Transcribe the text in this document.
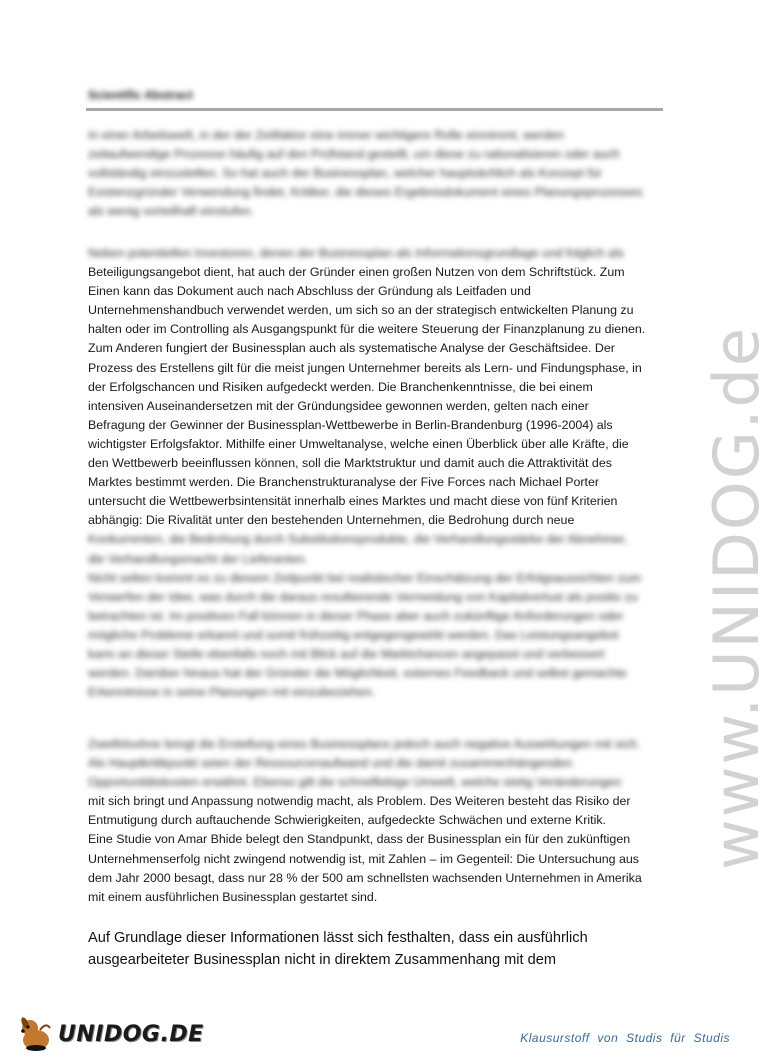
Scientific Abstract
In einer Arbeitswelt, in der der Zeitfaktor eine immer wichtigere Rolle einnimmt, werden
zeitaufwendige Prozesse häufig auf den Prüfstand gestellt, um diese zu rationalisieren oder auch
vollständig einzustellen. So hat auch der Businessplan, welcher hauptsächlich als Konzept für
Existenzgründer Verwendung findet, Kritiker, die dieses Ergebnisdokument eines Planungsprozesses
als wenig vorteilhaft einstufen.
Neben potentiellen Investoren, denen der Businessplan als Informationsgrundlage und folglich als
Beteiligungsangebot dient, hat auch der Gründer einen großen Nutzen von dem Schriftstück. Zum
Einen kann das Dokument auch nach Abschluss der Gründung als Leitfaden und
Unternehmenshandbuch verwendet werden, um sich so an der strategisch entwickelten Planung zu
halten oder im Controlling als Ausgangspunkt für die weitere Steuerung der Finanzplanung zu dienen.
Zum Anderen fungiert der Businessplan auch als systematische Analyse der Geschäftsidee. Der
Prozess des Erstellens gilt für die meist jungen Unternehmer bereits als Lern- und Findungsphase, in
der Erfolgschancen und Risiken aufgedeckt werden. Die Branchenkenntnisse, die bei einem
intensiven Auseinandersetzen mit der Gründungsidee gewonnen werden, gelten nach einer
Befragung der Gewinner der Businessplan-Wettbewerbe in Berlin-Brandenburg (1996-2004) als
wichtigster Erfolgsfaktor. Mithilfe einer Umweltanalyse, welche einen Überblick über alle Kräfte, die
den Wettbewerb beeinflussen können, soll die Marktstruktur und damit auch die Attraktivität des
Marktes bestimmt werden. Die Branchenstrukturanalyse der Five Forces nach Michael Porter
untersucht die Wettbewerbsintensität innerhalb eines Marktes und macht diese von fünf Kriterien
abhängig: Die Rivalität unter den bestehenden Unternehmen, die Bedrohung durch neue
Konkurrenten, die Bedrohung durch Substitutionsprodukte, die Verhandlungsstärke der Abnehmer,
die Verhandlungsmacht der Lieferanten.
Nicht selten kommt es zu diesem Zeitpunkt bei realistischer Einschätzung der Erfolgsaussichten zum
Verwerfen der Idee, was durch die daraus resultierende Vermeidung von Kapitalverlust als positiv zu
betrachten ist. Im positiven Fall können in dieser Phase aber auch zukünftige Anforderungen oder
mögliche Probleme erkannt und somit frühzeitig entgegengewirkt werden. Das Leistungsangebot
kann an dieser Stelle ebenfalls noch mit Blick auf die Marktchancen angepasst und verbessert
werden. Darüber hinaus hat der Gründer die Möglichkeit, externes Feedback und selbst gemachte
Erkenntnisse in seine Planungen mit einzubeziehen.
Zweifelsohne bringt die Erstellung eines Businessplans jedoch auch negative Auswirkungen mit sich.
Als Hauptkritikpunkt seien der Ressourcenaufwand und die damit zusammenhängenden
Opportunitätskosten erwähnt. Ebenso gilt die schnelllebige Umwelt, welche stetig Veränderungen
mit sich bringt und Anpassung notwendig macht, als Problem. Des Weiteren besteht das Risiko der
Entmutigung durch auftauchende Schwierigkeiten, aufgedeckte Schwächen und externe Kritik.
Eine Studie von Amar Bhide belegt den Standpunkt, dass der Businessplan ein für den zukünftigen
Unternehmenserfolg nicht zwingend notwendig ist, mit Zahlen – im Gegenteil: Die Untersuchung aus
dem Jahr 2000 besagt, dass nur 28 % der 500 am schnellsten wachsenden Unternehmen in Amerika
mit einem ausführlichen Businessplan gestartet sind.
Auf Grundlage dieser Informationen lässt sich festhalten, dass ein ausführlich
ausgearbeiteter Businessplan nicht in direktem Zusammenhang mit dem
www.UNIDOG.de
UNIDOG.DE	Klausurstoff von Studis für Studis
